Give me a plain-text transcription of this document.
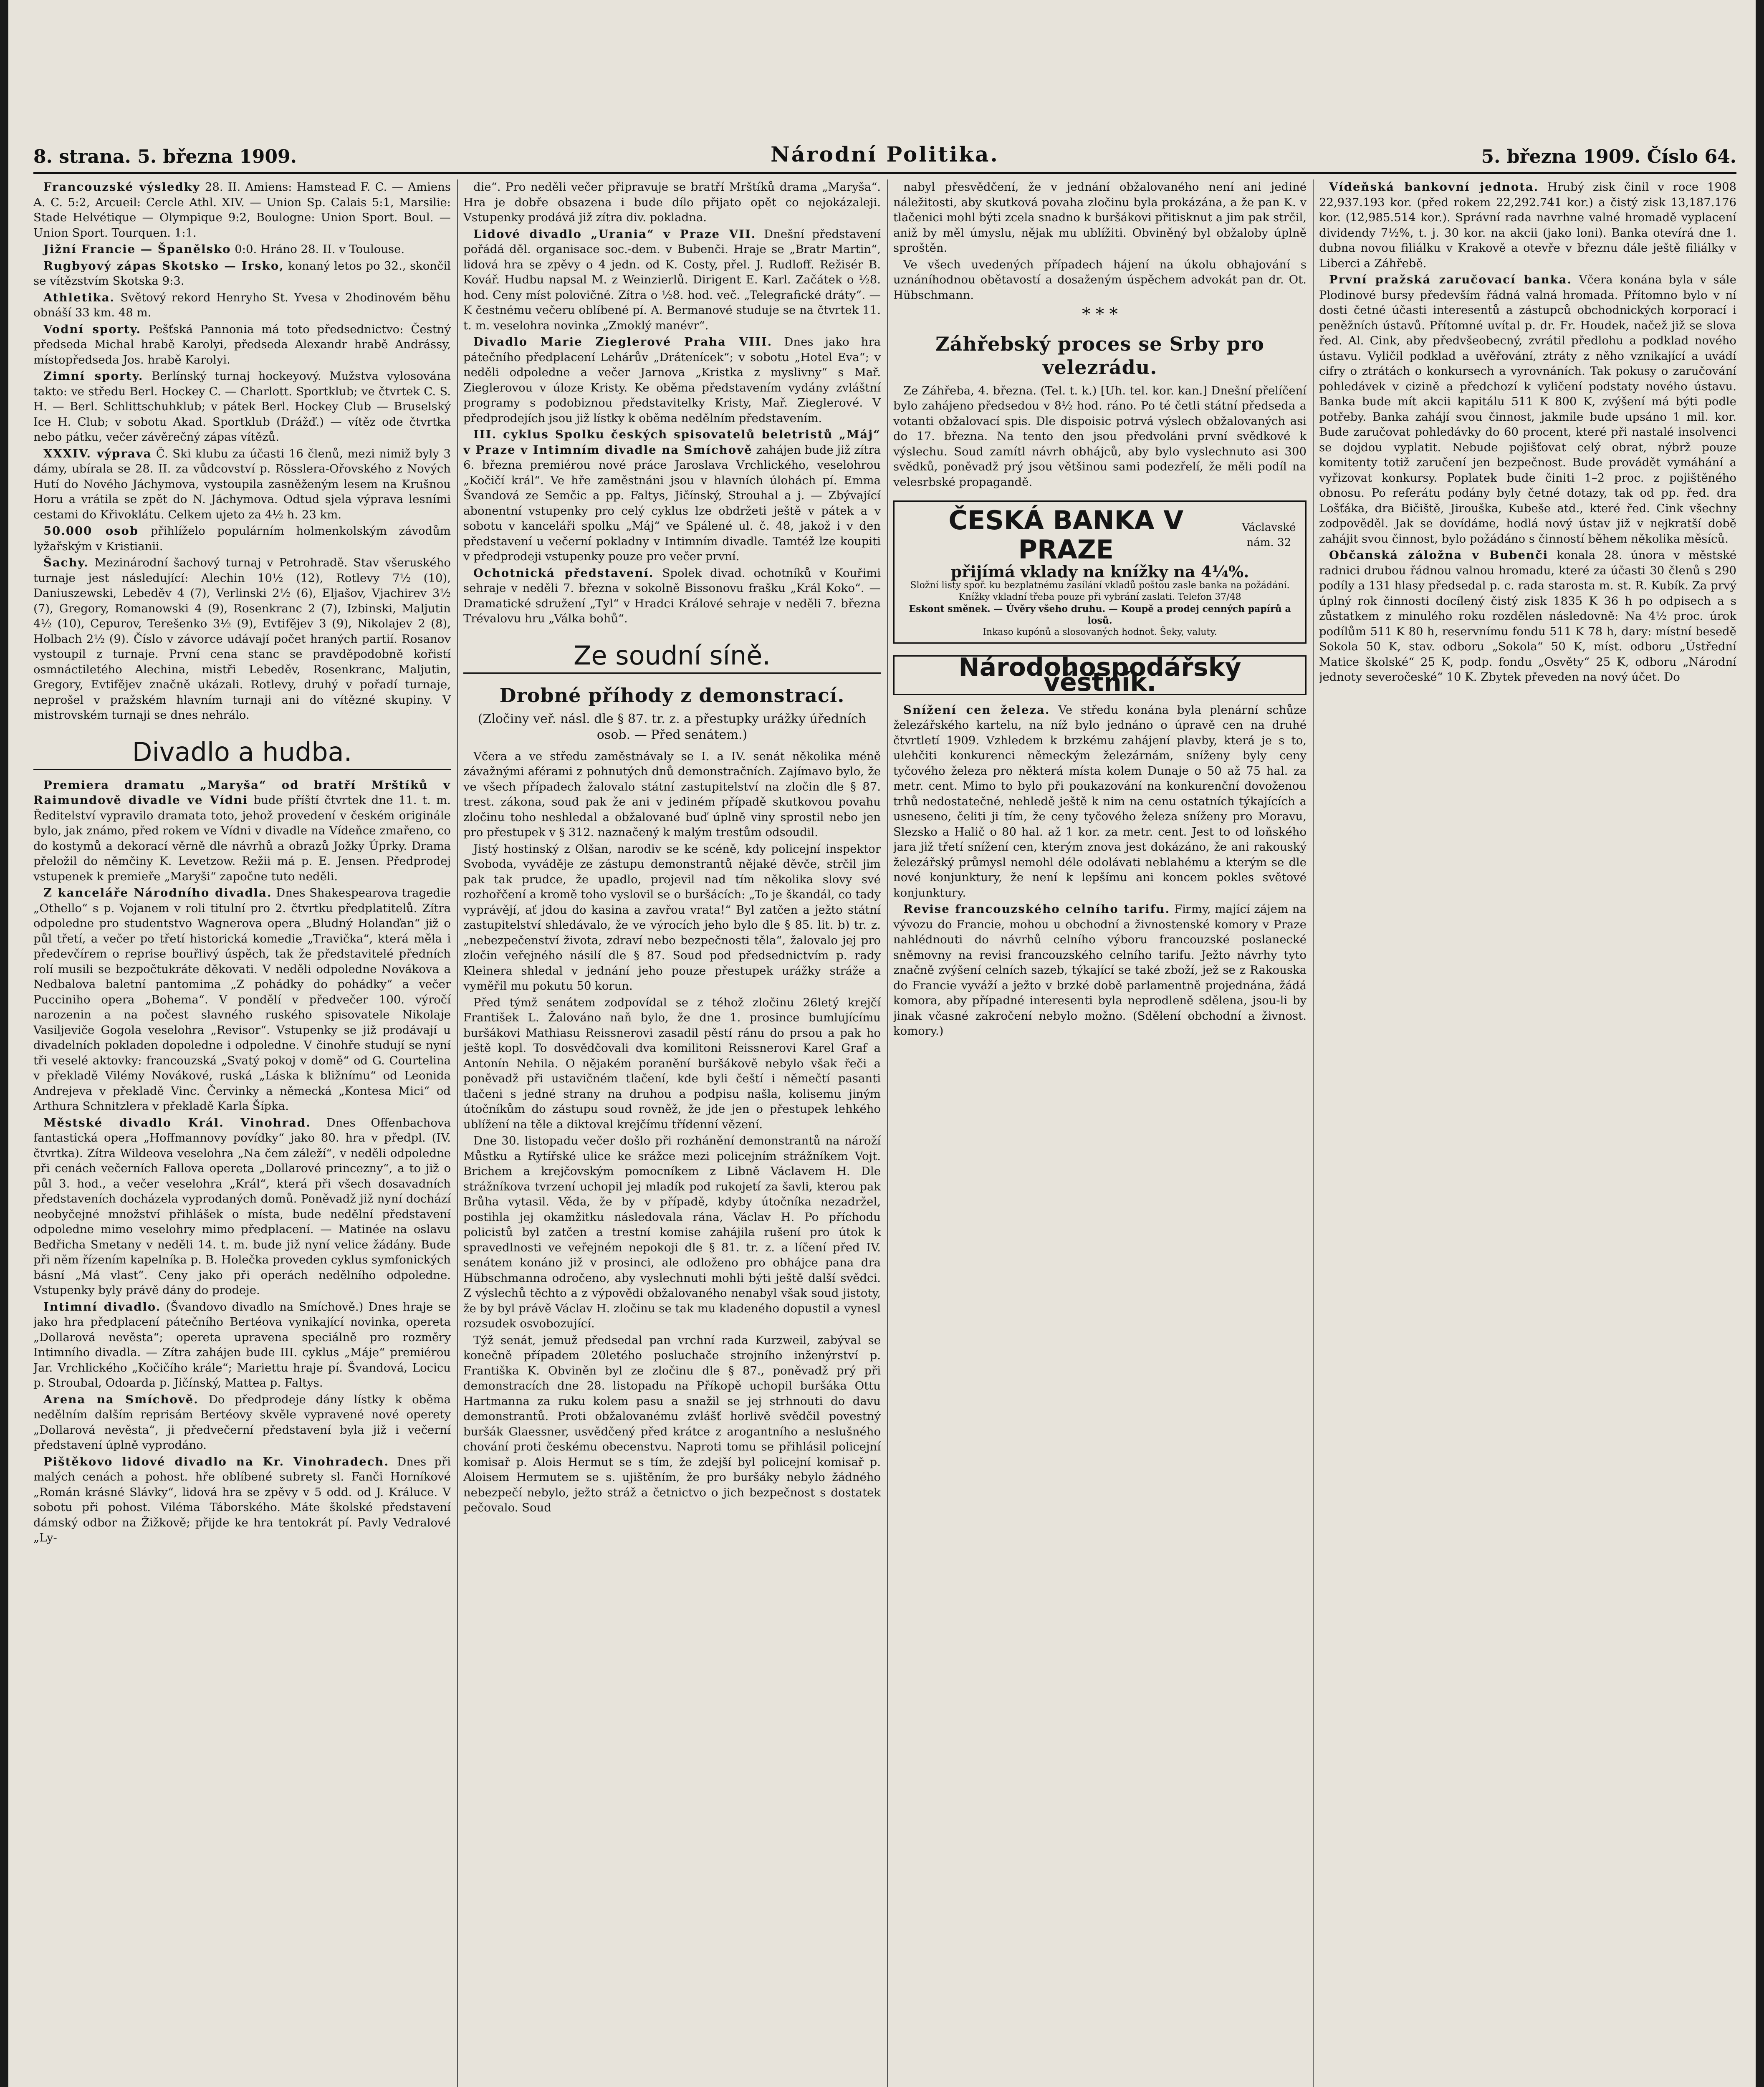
8. strana. 5. března 1909.	Národní Politika.	5. března 1909. Číslo 64.

Francouzské výsledky 28. II. Amiens: Hamstead F. C. — Amiens A. C. 5:2, Arcueil: Cercle Athl. XIV. — Union Sp. Calais 5:1, Marsilie: Stade Helvétique — Olympique 9:2, Boulogne: Union Sport. Boul. — Union Sport. Tourquen. 1:1.

Jižní Francie — Španělsko 0:0. Hráno 28. II. v Toulouse.

Rugbyový zápas Skotsko — Irsko, konaný letos po 32., skončil se vítězstvím Skotska 9:3.

Athletika. Světový rekord Henryho St. Yvesa v 2hodinovém běhu obnáší 33 km. 48 m.

Vodní sporty. Pešťská Pannonia má toto předsednictvo: Čestný předseda Michal hrabě Karolyi, předseda Alexandr hrabě Andrássy, místopředseda Jos. hrabě Karolyi.

Zimní sporty. Berlínský turnaj hockeyový. Mužstva vylosována takto: ve středu Berl. Hockey C. — Charlott. Sportklub; ve čtvrtek C. S. H. — Berl. Schlittschuhklub; v pátek Berl. Hockey Club — Bruselský Ice H. Club; v sobotu Akad. Sportklub (Drážď.) — vítěz ode čtvrtka nebo pátku, večer závěrečný zápas vítězů.

XXXIV. výprava Č. Ski klubu za účasti 16 členů, mezi nimiž byly 3 dámy, ubírala se 28. II. za vůdcovství p. Rösslera-Ořovského z Nových Hutí do Nového Jáchymova, vystoupila zasněženým lesem na Krušnou Horu a vrátila se zpět do N. Jáchymova. Odtud sjela výprava lesními cestami do Křivoklátu. Celkem ujeto za 4½ h. 23 km.

50.000 osob přihlíželo populárním holmenkolským závodům lyžařským v Kristianii.

Šachy. Mezinárodní šachový turnaj v Petrohradě. Stav všeruského turnaje jest následující: Alechin 10½ (12), Rotlevy 7½ (10), Daniuszewski, Lebeděv 4 (7), Verlinski 2½ (6), Eljašov, Vjachirev 3½ (7), Gregory, Romanowski 4 (9), Rosenkranc 2 (7), Izbinski, Maljutin 4½ (10), Cepurov, Terešenko 3½ (9), Evtifějev 3 (9), Nikolajev 2 (8), Holbach 2½ (9). Číslo v závorce udávají počet hraných partií. Rosanov vystoupil z turnaje. První cena stanc se pravděpodobně kořistí osmnáctiletého Alechina, mistři Lebeděv, Rosenkranc, Maljutin, Gregory, Evtifějev značně ukázali. Rotlevy, druhý v pořadí turnaje, neprošel v pražském hlavním turnaji ani do vítězné skupiny. V mistrovském turnaji se dnes nehrálo.

Divadlo a hudba.

Premiera dramatu „Maryša“ od bratří Mrštíků v Raimundově divadle ve Vídni bude příští čtvrtek dne 11. t. m. Ředitelství vypravilo dramata toto, jehož provedení v českém originále bylo, jak známo, před rokem ve Vídni v divadle na Vídeňce zmařeno, co do kostymů a dekorací věrně dle návrhů a obrazů Jožky Úprky. Drama přeložil do němčiny K. Levetzow. Režii má p. E. Jensen. Předprodej vstupenek k premieře „Maryši“ započne tuto neděli.

Z kanceláře Národního divadla. Dnes Shakespearova tragedie „Othello“ s p. Vojanem v roli titulní pro 2. čtvrtku předplatitelů. Zítra odpoledne pro studentstvo Wagnerova opera „Bludný Holanďan“ již o půl třetí, a večer po třetí historická komedie „Travička“, která měla i předevčírem o reprise bouřlivý úspěch, tak že představitelé předních rolí musili se bezpočtukráte děkovati. V neděli odpoledne Novákova a Nedbalova baletní pantomima „Z pohádky do pohádky“ a večer Pucciniho opera „Bohema“. V pondělí v předvečer 100. výročí narozenin a na počest slavného ruského spisovatele Nikolaje Vasiljeviče Gogola veselohra „Revisor“. Vstupenky se již prodávají u divadelních pokladen dopoledne i odpoledne. V činohře studují se nyní tři veselé aktovky: francouzská „Svatý pokoj v domě“ od G. Courtelina v překladě Vilémy Novákové, ruská „Láska k bližnímu“ od Leonida Andrejeva v překladě Vinc. Červinky a německá „Kontesa Mici“ od Arthura Schnitzlera v překladě Karla Šípka.

Městské divadlo Král. Vinohrad. Dnes Offenbachova fantastická opera „Hoffmannovy povídky“ jako 80. hra v předpl. (IV. čtvrtka). Zítra Wildeova veselohra „Na čem záleží“, v neděli odpoledne při cenách večerních Fallova opereta „Dollarové princezny“, a to již o půl 3. hod., a večer veselohra „Král“, která při všech dosavadních představeních docházela vyprodaných domů. Poněvadž již nyní dochází neobyčejné množství přihlášek o místa, bude nedělní představení odpoledne mimo veselohry mimo předplacení. — Matinée na oslavu Bedřicha Smetany v neděli 14. t. m. bude již nyní velice žádány. Bude při něm řízením kapelníka p. B. Holečka proveden cyklus symfonických básní „Má vlast“. Ceny jako při operách nedělního odpoledne. Vstupenky byly právě dány do prodeje.

Intimní divadlo. (Švandovo divadlo na Smíchově.) Dnes hraje se jako hra předplacení pátečního Bertéova vynikající novinka, opereta „Dollarová nevěsta“; opereta upravena speciálně pro rozměry Intimního divadla. — Zítra zahájen bude III. cyklus „Máje“ premiérou Jar. Vrchlického „Kočičího krále“; Mariettu hraje pí. Švandová, Locicu p. Stroubal, Odoarda p. Jičínský, Mattea p. Faltys.

Arena na Smíchově. Do předprodeje dány lístky k oběma nedělním dalším reprisám Bertéovy skvěle vypravené nové operety „Dollarová nevěsta“, ji předvečerní představení byla již i večerní představení úplně vyprodáno.

Pištěkovo lidové divadlo na Kr. Vinohradech. Dnes při malých cenách a pohost. hře oblíbené subrety sl. Fanči Horníkové „Román krásné Slávky“, lidová hra se zpěvy v 5 odd. od J. Králuce. V sobotu při pohost. Viléma Táborského. Máte školské představení dámský odbor na Žižkově; přijde ke hra tentokrát pí. Pavly Vedralové „Ly-

die“. Pro neděli večer připravuje se bratří Mrštíků drama „Maryša“. Hra je dobře obsazena i bude dílo přijato opět co nejokázaleji. Vstupenky prodává již zítra div. pokladna.

Lidové divadlo „Urania“ v Praze VII. Dnešní představení pořádá děl. organisace soc.-dem. v Bubenči. Hraje se „Bratr Martin“, lidová hra se zpěvy o 4 jedn. od K. Costy, přel. J. Rudloff. Režisér B. Kovář. Hudbu napsal M. z Weinzierlů. Dirigent E. Karl. Začátek o ½8. hod. Ceny míst polovičné. Zítra o ½8. hod. več. „Telegrafické dráty“. — K čestnému večeru oblíbené pí. A. Bermanové studuje se na čtvrtek 11. t. m. veselohra novinka „Zmoklý manévr“.

Divadlo Marie Zieglerové Praha VIII. Dnes jako hra pátečního předplacení Lehárův „Drátenícek“; v sobotu „Hotel Eva“; v neděli odpoledne a večer Jarnova „Kristka z myslivny“ s Mař. Zieglerovou v úloze Kristy. Ke oběma představením vydány zvláštní programy s podobiznou představitelky Kristy, Mař. Zieglerové. V předprodejích jsou již lístky k oběma nedělním představením.

III. cyklus Spolku českých spisovatelů beletristů „Máj“ v Praze v Intimním divadle na Smíchově zahájen bude již zítra 6. března premiérou nové práce Jaroslava Vrchlického, veselohrou „Kočičí král“. Ve hře zaměstnáni jsou v hlavních úlohách pí. Emma Švandová ze Semčic a pp. Faltys, Jičínský, Strouhal a j. — Zbývající abonentní vstupenky pro celý cyklus lze obdržeti ještě v pátek a v sobotu v kanceláři spolku „Máj“ ve Spálené ul. č. 48, jakož i v den představení u večerní pokladny v Intimním divadle. Tamtéž lze koupiti v předprodeji vstupenky pouze pro večer první.

Ochotnická představení. Spolek divad. ochotníků v Kouřimi sehraje v neděli 7. března v sokolně Bissonovu frašku „Král Koko“. — Dramatické sdružení „Tyl“ v Hradci Králové sehraje v neděli 7. března Trévalovu hru „Válka bohů“.

Ze soudní síně.
Drobné příhody z demonstrací.
(Zločiny veř. násl. dle § 87. tr. z. a přestupky urážky úředních osob. — Před senátem.)

Včera a ve středu zaměstnávaly se I. a IV. senát několika méně závažnými aférami z pohnutých dnů demonstračních. Zajímavo bylo, že ve všech případech žalovalo státní zastupitelství na zločin dle § 87. trest. zákona, soud pak že ani v jediném případě skutkovou povahu zločinu toho neshledal a obžalované buď úplně viny sprostil nebo jen pro přestupek v § 312. naznačený k malým trestům odsoudil.

Jistý hostinský z Olšan, narodiv se ke scéně, kdy policejní inspektor Svoboda, vyváděje ze zástupu demonstrantů nějaké děvče, strčil jim pak tak prudce, že upadlo, projevil nad tím několika slovy své rozhořčení a kromě toho vyslovil se o buršácích: „To je škandál, co tady vyprávějí, ať jdou do kasina a zavřou vrata!“ Byl zatčen a ježto státní zastupitelství shledávalo, že ve výrocích jeho bylo dle § 85. lit. b) tr. z. „nebezpečenství života, zdraví nebo bezpečnosti těla“, žalovalo jej pro zločin veřejného násilí dle § 87. Soud pod předsednictvím p. rady Kleinera shledal v jednání jeho pouze přestupek urážky stráže a vyměřil mu pokutu 50 korun.

Před týmž senátem zodpovídal se z téhož zločinu 26letý krejčí František L. Žalováno naň bylo, že dne 1. prosince bumlujícímu buršákovi Mathiasu Reissnerovi zasadil pěstí ránu do prsou a pak ho ještě kopl. To dosvědčovali dva komilitoni Reissnerovi Karel Graf a Antonín Nehila. O nějakém poranění buršákově nebylo však řeči a poněvadž při ustavičném tlačení, kde byli čeští i němečtí pasanti tlačeni s jedné strany na druhou a podpisu našla, kolisemu jiným útočníkům do zástupu soud rovněž, že jde jen o přestupek lehkého ublížení na těle a diktoval krejčímu třídenní vězení.

Dne 30. listopadu večer došlo při rozhánění demonstrantů na nároží Můstku a Rytířské ulice ke srážce mezi policejním strážníkem Vojt. Brichem a krejčovským pomocníkem z Libně Václavem H. Dle strážníkova tvrzení uchopil jej mladík pod rukojetí za šavli, kterou pak Brůha vytasil. Věda, že by v případě, kdyby útočníka nezadržel, postihla jej okamžitku následovala rána, Václav H. Po příchodu policistů byl zatčen a trestní komise zahájila rušení pro útok k spravedlnosti ve veřejném nepokoji dle § 81. tr. z. a líčení před IV. senátem konáno již v prosinci, ale odloženo pro obhájce pana dra Hübschmanna odročeno, aby vyslechnuti mohli býti ještě další svědci. Z výslechů těchto a z výpovědi obžalovaného nenabyl však soud jistoty, že by byl právě Václav H. zločinu se tak mu kladeného dopustil a vynesl rozsudek osvobozující.

Týž senát, jemuž předsedal pan vrchní rada Kurzweil, zabýval se konečně případem 20letého posluchače strojního inženýrství p. Františka K. Obviněn byl ze zločinu dle § 87., poněvadž prý při demonstracích dne 28. listopadu na Příkopě uchopil buršáka Ottu Hartmanna za ruku kolem pasu a snažil se jej strhnouti do davu demonstrantů. Proti obžalovanému zvlášť horlivě svědčil povestný buršák Glaessner, usvědčený před krátce z arogantního a neslušného chování proti českému obecenstvu. Naproti tomu se přihlásil policejní komisař p. Alois Hermut se s tím, že zdejší byl policejní komisař p. Aloisem Hermutem se s. ujištěním, že pro buršáky nebylo žádného nebezpečí nebylo, ježto stráž a četnictvo o jich bezpečnost s dostatek pečovalo. Soud

nabyl přesvědčení, že v jednání obžalovaného není ani jediné náležitosti, aby skutková povaha zločinu byla prokázána, a že pan K. v tlačenici mohl býti zcela snadno k buršákovi přitisknut a jim pak strčil, aniž by měl úmyslu, nějak mu ublížiti. Obviněný byl obžaloby úplně sproštěn.

Ve všech uvedených případech hájení na úkolu obhajování s uznáníhodnou obětavostí a dosaženým úspěchem advokát pan dr. Ot. Hübschmann.

* * *
Záhřebský proces se Srby pro velezrádu.

Ze Záhřeba, 4. března. (Tel. t. k.) [Uh. tel. kor. kan.] Dnešní přelíčení bylo zahájeno předsedou v 8½ hod. ráno. Po té četli státní předseda a votanti obžalovací spis. Dle dispoisic potrvá výslech obžalovaných asi do 17. března. Na tento den jsou předvoláni první svědkové k výslechu. Soud zamítl návrh obhájců, aby bylo vyslechnuto asi 300 svědků, poněvadž prý jsou většinou sami podezřelí, že měli podíl na velesrbské propagandě.

ČESKÁ BANKA V PRAZE
Václavské nám. 32
přijímá vklady na knížky na 4¼%.
Složní listy spoř. ku bezplatnému zasílání vkladů poštou zasle banka na požádání. Knížky vkladní třeba pouze při vybrání zaslati. Telefon 37/48
Eskont směnek. — Úvěry všeho druhu. — Koupě a prodej cenných papírů a losů.
Inkaso kupónů a slosovaných hodnot. Šeky, valuty.
Národohospodářský věstník.

Snížení cen železa. Ve středu konána byla plenární schůze železářského kartelu, na níž bylo jednáno o úpravě cen na druhé čtvrtletí 1909. Vzhledem k brzkému zahájení plavby, která je s to, ulehčiti konkurenci německým železárnám, sníženy byly ceny tyčového železa pro některá místa kolem Dunaje o 50 až 75 hal. za metr. cent. Mimo to bylo při poukazování na konkurenční dovoženou trhů nedostatečné, nehledě ještě k nim na cenu ostatních týkajících a usneseno, čeliti ji tím, že ceny tyčového železa sníženy pro Moravu, Slezsko a Halič o 80 hal. až 1 kor. za metr. cent. Jest to od loňského jara již třetí snížení cen, kterým znova jest dokázáno, že ani rakouský železářský průmysl nemohl déle odolávati neblahému a kterým se dle nové konjunktury, že není k lepšímu ani koncem pokles světové konjunktury.

Revise francouzského celního tarifu. Firmy, mající zájem na vývozu do Francie, mohou u obchodní a živnostenské komory v Praze nahlédnouti do návrhů celního výboru francouzské poslanecké sněmovny na revisi francouzského celního tarifu. Ježto návrhy tyto značně zvýšení celních sazeb, týkající se také zboží, jež se z Rakouska do Francie vyváží a ježto v brzké době parlamentně projednána, žádá komora, aby případné interesenti byla neprodleně sdělena, jsou-li by jinak včasné zakročení nebylo možno. (Sdělení obchodní a živnost. komory.)

Vídeňská bankovní jednota. Hrubý zisk činil v roce 1908 22,937.193 kor. (před rokem 22,292.741 kor.) a čistý zisk 13,187.176 kor. (12,985.514 kor.). Správní rada navrhne valné hromadě vyplacení dividendy 7½%, t. j. 30 kor. na akcii (jako loni). Banka otevírá dne 1. dubna novou filiálku v Krakově a otevře v březnu dále ještě filiálky v Liberci a Záhřebě.

První pražská zaručovací banka. Včera konána byla v sále Plodinové bursy především řádná valná hromada. Přítomno bylo v ní dosti četné účasti interesentů a zástupců obchodnických korporací i peněžních ústavů. Přítomné uvítal p. dr. Fr. Houdek, načež již se slova řed. Al. Cink, aby předvšeobecný, zvrátil předlohu a podklad nového ústavu. Vyličil podklad a uvěřování, ztráty z něho vznikající a uvádí cifry o ztrátách o konkursech a vyrovnáních. Tak pokusy o zaručování pohledávek v cizině a předchozí k vyličení podstaty nového ústavu. Banka bude mít akcii kapitálu 511 K 800 K, zvýšení má býti podle potřeby. Banka zahájí svou činnost, jakmile bude upsáno 1 mil. kor. Bude zaručovat pohledávky do 60 procent, které při nastalé insolvenci se dojdou vyplatit. Nebude pojišťovat celý obrat, nýbrž pouze komitenty totiž zaručení jen bezpečnost. Bude provádět vymáhání a vyřizovat konkursy. Poplatek bude činiti 1–2 proc. z pojištěného obnosu. Po referátu podány byly četné dotazy, tak od pp. řed. dra Lošťáka, dra Bičiště, Jirouška, Kubeše atd., které řed. Cink všechny zodpověděl. Jak se dovídáme, hodlá nový ústav již v nejkratší době zahájit svou činnost, bylo požádáno s činností během několika měsíců.

Občanská záložna v Bubenči konala 28. února v městské radnici drubou řádnou valnou hromadu, které za účasti 30 členů s 290 podíly a 131 hlasy předsedal p. c. rada starosta m. st. R. Kubík. Za prvý úplný rok činnosti docílený čistý zisk 1835 K 36 h po odpisech a s zůstatkem z minulého roku rozdělen následovně: Na 4½ proc. úrok podílům 511 K 80 h, reservnímu fondu 511 K 78 h, dary: místní besedě Sokola 50 K, stav. odboru „Sokola“ 50 K, míst. odboru „Ústřední Matice školské“ 25 K, podp. fondu „Osvěty“ 25 K, odboru „Národní jednoty severočeské“ 10 K. Zbytek převeden na nový účet. Do
